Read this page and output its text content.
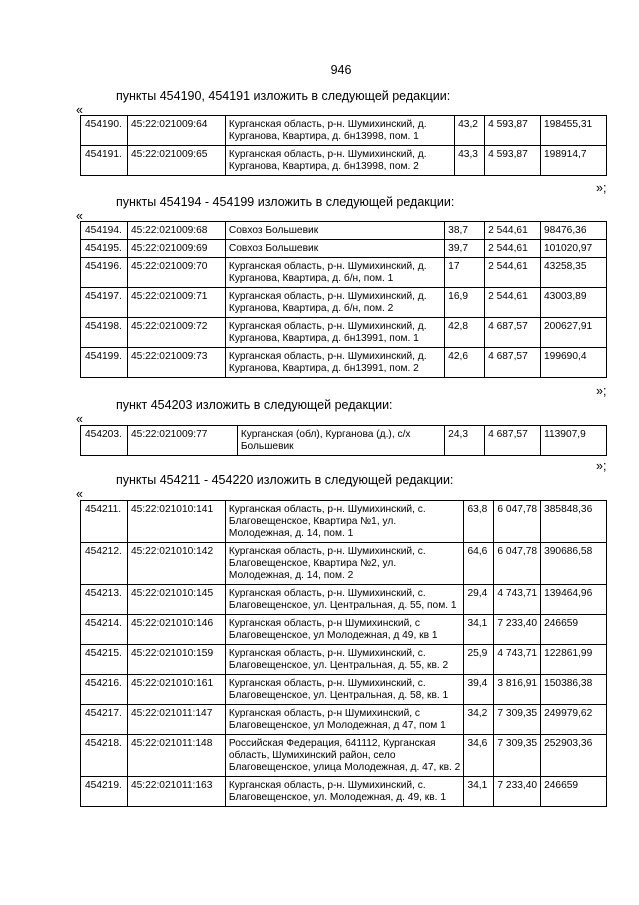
946
пункты 454190, 454191 изложить в следующей редакции:
«
454190.	45:22:021009:64	Курганская область, р-н. Шумихинский, д. Курганова, Квартира, д. бн13998, пом. 1	43,2	4 593,87	198455,31
454191.	45:22:021009:65	Курганская область, р-н. Шумихинский, д. Курганова, Квартира, д. бн13998, пом. 2	43,3	4 593,87	198914,7
»;
пункты 454194 - 454199 изложить в следующей редакции:
«
454194.	45:22:021009:68	Совхоз Большевик	38,7	2 544,61	98476,36
454195.	45:22:021009:69	Совхоз Большевик	39,7	2 544,61	101020,97
454196.	45:22:021009:70	Курганская область, р-н. Шумихинский, д. Курганова, Квартира, д. б/н, пом. 1	17	2 544,61	43258,35
454197.	45:22:021009:71	Курганская область, р-н. Шумихинский, д. Курганова, Квартира, д. б/н, пом. 2	16,9	2 544,61	43003,89
454198.	45:22:021009:72	Курганская область, р-н. Шумихинский, д. Курганова, Квартира, д. бн13991, пом. 1	42,8	4 687,57	200627,91
454199.	45:22:021009:73	Курганская область, р-н. Шумихинский, д. Курганова, Квартира, д. бн13991, пом. 2	42,6	4 687,57	199690,4
»;
пункт 454203 изложить в следующей редакции:
«
454203.	45:22:021009:77	Курганская (обл), Курганова (д.), с/х Большевик	24,3	4 687,57	113907,9
»;
пункты 454211 - 454220 изложить в следующей редакции:
«
454211.	45:22:021010:141	Курганская область, р-н. Шумихинский, с. Благовещенское, Квартира №1, ул. Молодежная, д. 14, пом. 1	63,8	6 047,78	385848,36
454212.	45:22:021010:142	Курганская область, р-н. Шумихинский, с. Благовещенское, Квартира №2, ул. Молодежная, д. 14, пом. 2	64,6	6 047,78	390686,58
454213.	45:22:021010:145	Курганская область, р-н. Шумихинский, с. Благовещенское, ул. Центральная, д. 55, пом. 1	29,4	4 743,71	139464,96
454214.	45:22:021010:146	Курганская область, р-н Шумихинский, с Благовещенское, ул Молодежная, д 49, кв 1	34,1	7 233,40	246659
454215.	45:22:021010:159	Курганская область, р-н. Шумихинский, с. Благовещенское, ул. Центральная, д. 55, кв. 2	25,9	4 743,71	122861,99
454216.	45:22:021010:161	Курганская область, р-н. Шумихинский, с. Благовещенское, ул. Центральная, д. 58, кв. 1	39,4	3 816,91	150386,38
454217.	45:22:021011:147	Курганская область, р-н Шумихинский, с Благовещенское, ул Молодежная, д 47, пом 1	34,2	7 309,35	249979,62
454218.	45:22:021011:148	Российская Федерация, 641112, Курганская область, Шумихинский район, село Благовещенское, улица Молодежная, д. 47, кв. 2	34,6	7 309,35	252903,36
454219.	45:22:021011:163	Курганская область, р-н. Шумихинский, с. Благовещенское, ул. Молодежная, д. 49, кв. 1	34,1	7 233,40	246659
